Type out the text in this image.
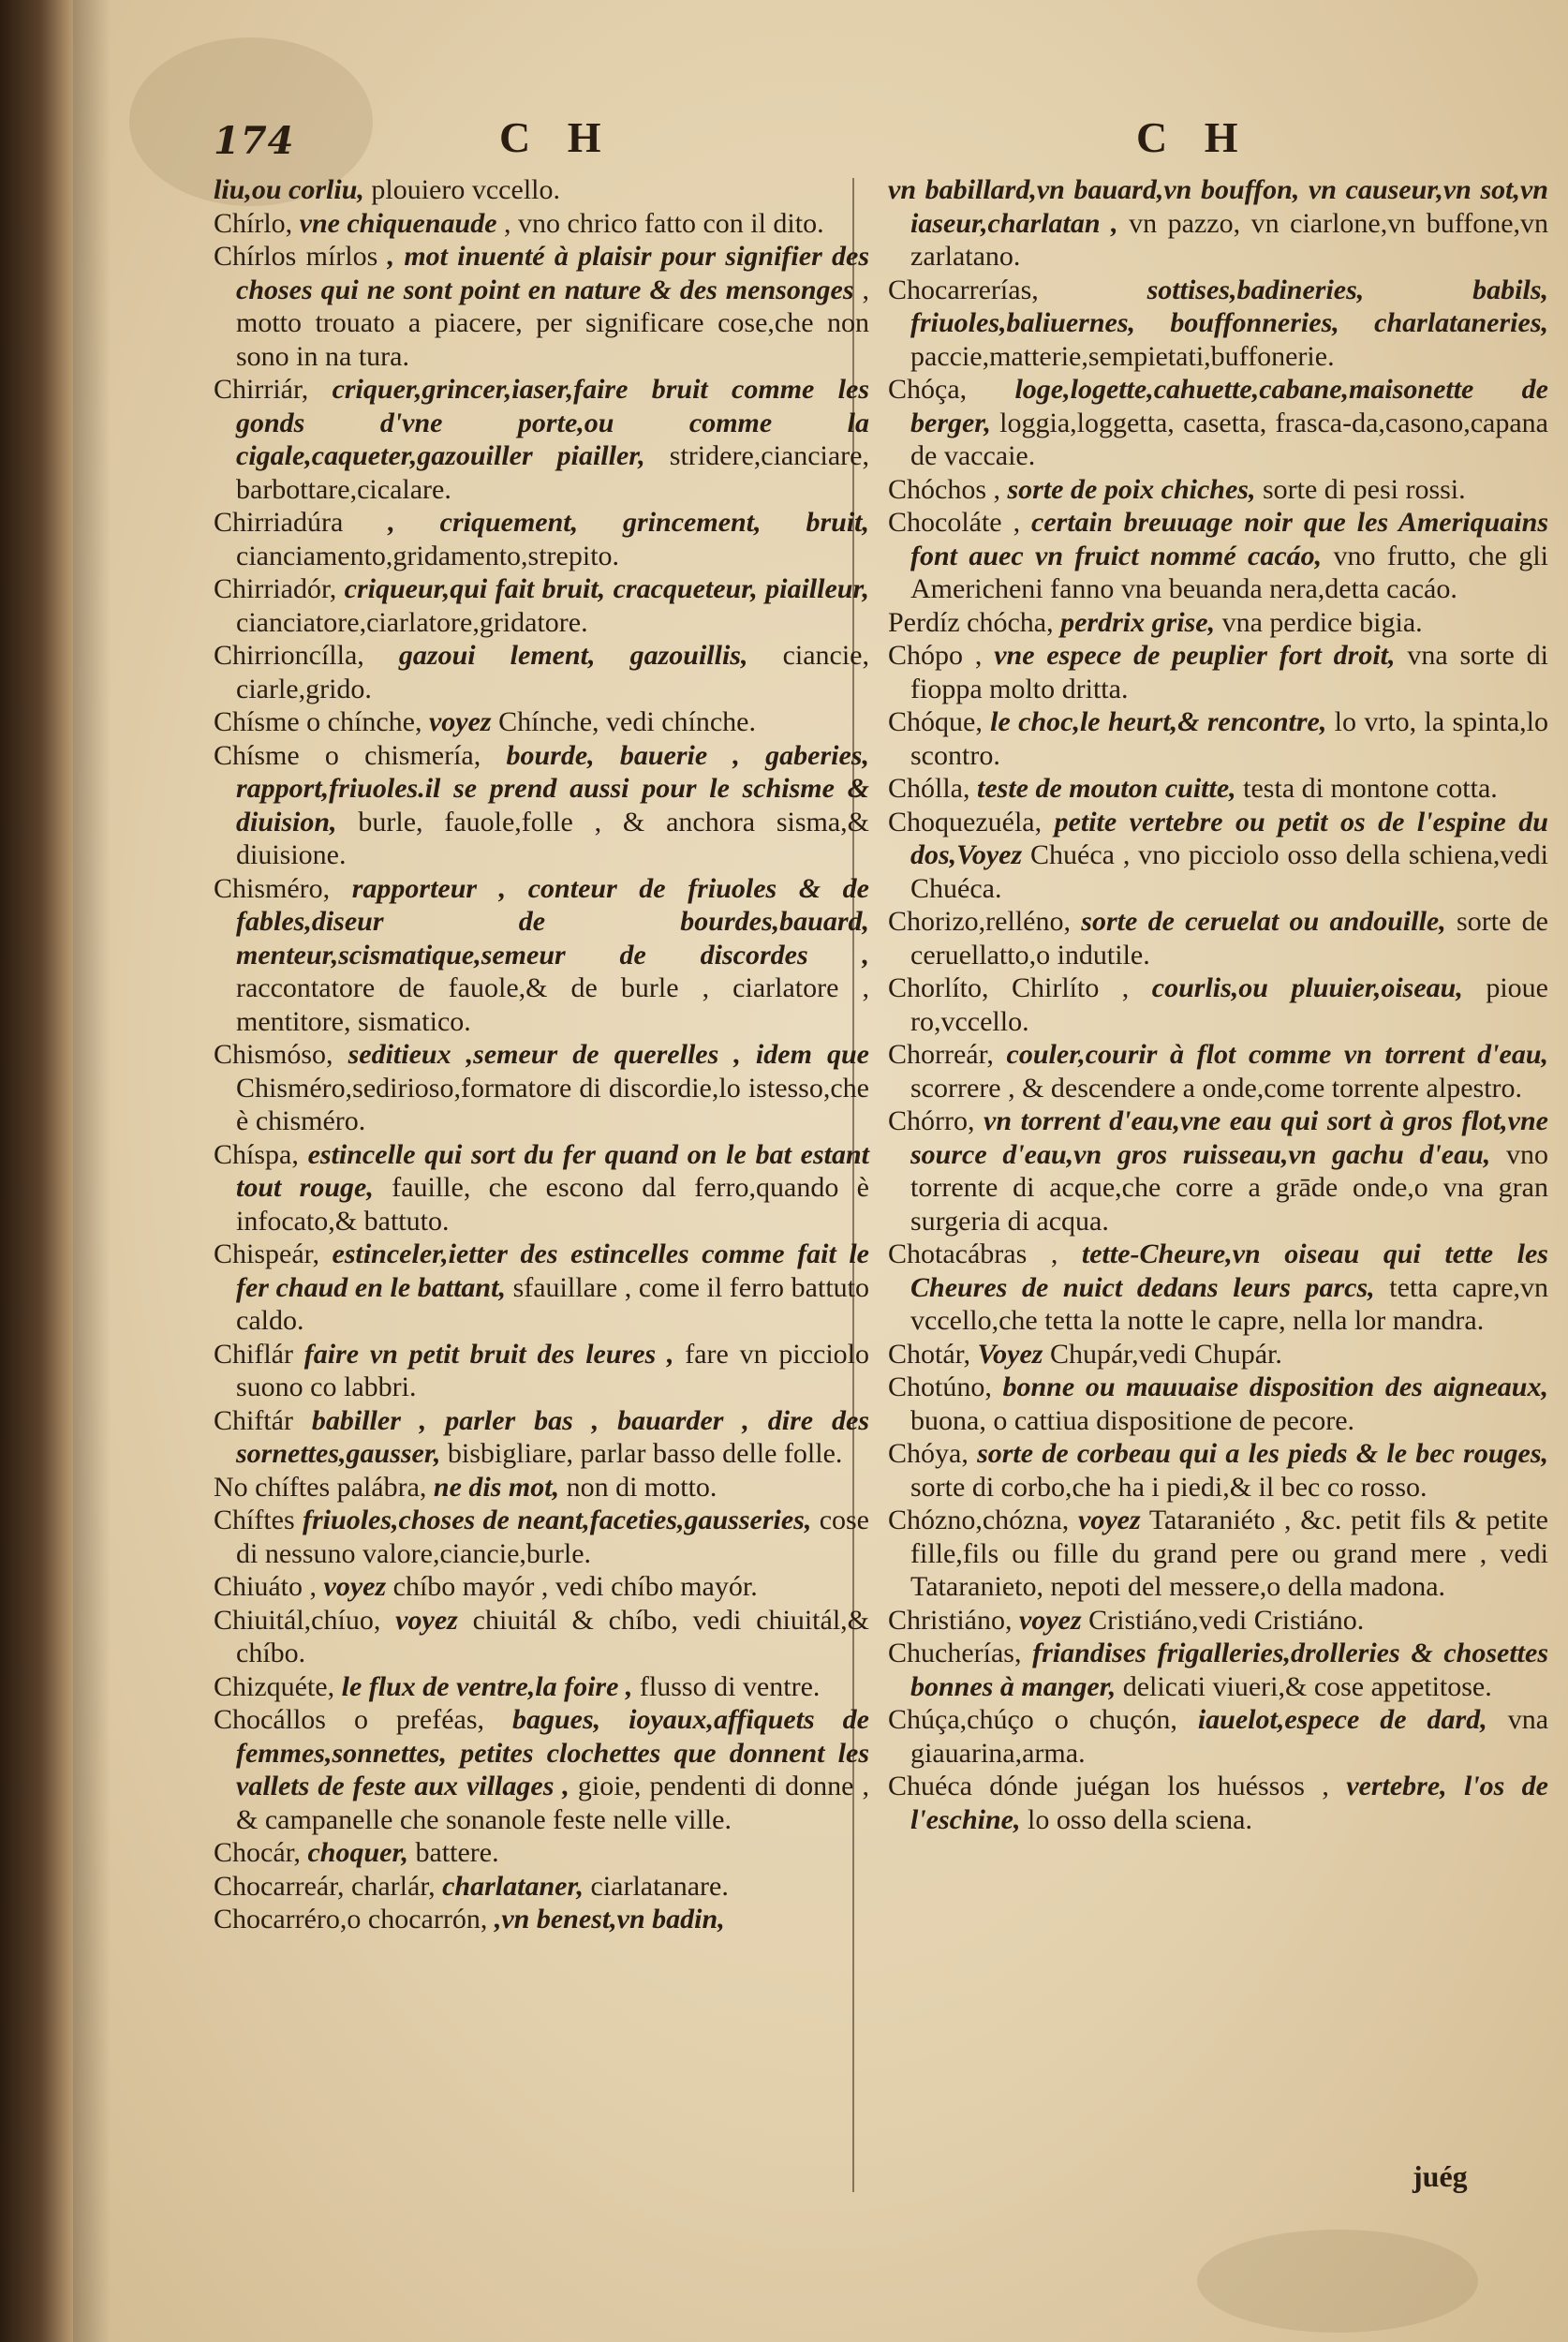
174	C H	C H

liu,ou corliu, plouiero vccello.

Chírlo, vne chiquenaude , vno chrico fatto con il dito.

Chírlos mírlos , mot inuenté à plaisir pour signifier des choses qui ne sont point en nature & des mensonges , motto trouato a piacere, per significare cose,che non sono in na tura.

Chirriár, criquer,grincer,iaser,faire bruit comme les gonds d'vne porte,ou comme la cigale,caqueter,gazouiller piailler, stridere,cianciare, barbottare,cicalare.

Chirriadúra , criquement, grincement, bruit, cianciamento,gridamento,strepito.

Chirriadór, criqueur,qui fait bruit, cracqueteur, piailleur, cianciatore,ciarlatore,gridatore.

Chirrioncílla, gazoui lement, gazouillis, ciancie, ciarle,grido.

Chísme o chínche, voyez Chínche, vedi chínche.

Chísme o chismería, bourde, bauerie , gaberies, rapport,friuoles.il se prend aussi pour le schisme & diuision, burle, fauole,folle , & anchora sisma,& diuisione.

Chisméro, rapporteur , conteur de friuoles & de fables,diseur de bourdes,bauard, menteur,scismatique,semeur de discordes , raccontatore de fauole,& de burle , ciarlatore , mentitore, sismatico.

Chismóso, seditieux ,semeur de querelles , idem que Chisméro,sedirioso,formatore di discordie,lo istesso,che è chisméro.

Chíspa, estincelle qui sort du fer quand on le bat estant tout rouge, fauille, che escono dal ferro,quando è infocato,& battuto.

Chispeár, estinceler,ietter des estincelles comme fait le fer chaud en le battant, sfauillare , come il ferro battuto caldo.

Chiflár faire vn petit bruit des leures , fare vn picciolo suono co labbri.

Chiftár babiller , parler bas , bauarder , dire des sornettes,gausser, bisbigliare, parlar basso delle folle.

No chíftes palábra, ne dis mot, non di motto.

Chíftes friuoles,choses de neant,faceties,gausseries, cose di nessuno valore,ciancie,burle.

Chiuáto , voyez chíbo mayór , vedi chíbo mayór.

Chiuitál,chíuo, voyez chiuitál & chíbo, vedi chiuitál,& chíbo.

Chizquéte, le flux de ventre,la foire , flusso di ventre.

Chocállos o preféas, bagues, ioyaux,affiquets de femmes,sonnettes, petites clochettes que donnent les vallets de feste aux villages , gioie, pendenti di donne , & campanelle che sonanole feste nelle ville.

Chocár, choquer, battere.

Chocarreár, charlár, charlataner, ciarlatanare.

Chocarréro,o chocarrón, ,vn benest,vn badin,

vn babillard,vn bauard,vn bouffon, vn causeur,vn sot,vn iaseur,charlatan , vn pazzo, vn ciarlone,vn buffone,vn zarlatano.

Chocarrerías, sottises,badineries, babils, friuoles,baliuernes, bouffonneries, charlataneries, paccie,matterie,sempietati,buffonerie.

Chóça, loge,logette,cahuette,cabane,maisonette de berger, loggia,loggetta, casetta, frasca-da,casono,capana de vaccaie.

Chóchos , sorte de poix chiches, sorte di pesi rossi.

Chocoláte , certain breuuage noir que les Ameriquains font auec vn fruict nommé cacáo, vno frutto, che gli Americheni fanno vna beuanda nera,detta cacáo.

Perdíz chócha, perdrix grise, vna perdice bigia.

Chópo , vne espece de peuplier fort droit, vna sorte di fioppa molto dritta.

Chóque, le choc,le heurt,& rencontre, lo vrto, la spinta,lo scontro.

Chólla, teste de mouton cuitte, testa di montone cotta.

Choquezuéla, petite vertebre ou petit os de l'espine du dos,Voyez Chuéca , vno picciolo osso della schiena,vedi Chuéca.

Chorizo,relléno, sorte de ceruelat ou andouille, sorte de ceruellatto,o indutile.

Chorlíto, Chirlíto , courlis,ou pluuier,oiseau, pioue ro,vccello.

Chorreár, couler,courir à flot comme vn torrent d'eau, scorrere , & descendere a onde,come torrente alpestro.

Chórro, vn torrent d'eau,vne eau qui sort à gros flot,vne source d'eau,vn gros ruisseau,vn gachu d'eau, vno torrente di acque,che corre a grāde onde,o vna gran surgeria di acqua.

Chotacábras , tette-Cheure,vn oiseau qui tette les Cheures de nuict dedans leurs parcs, tetta capre,vn vccello,che tetta la notte le capre, nella lor mandra.

Chotár, Voyez Chupár,vedi Chupár.

Chotúno, bonne ou mauuaise disposition des aigneaux, buona, o cattiua dispositione de pecore.

Chóya, sorte de corbeau qui a les pieds & le bec rouges, sorte di corbo,che ha i piedi,& il bec co rosso.

Chózno,chózna, voyez Tataraniéto , &c. petit fils & petite fille,fils ou fille du grand pere ou grand mere , vedi Tataranieto, nepoti del messere,o della madona.

Christiáno, voyez Cristiáno,vedi Cristiáno.

Chucherías, friandises frigalleries,drolleries & chosettes bonnes à manger, delicati viueri,& cose appetitose.

Chúça,chúço o chuçón, iauelot,espece de dard, vna giauarina,arma.

Chuéca dónde juégan los huéssos , vertebre, l'os de l'eschine, lo osso della sciena.

juég
